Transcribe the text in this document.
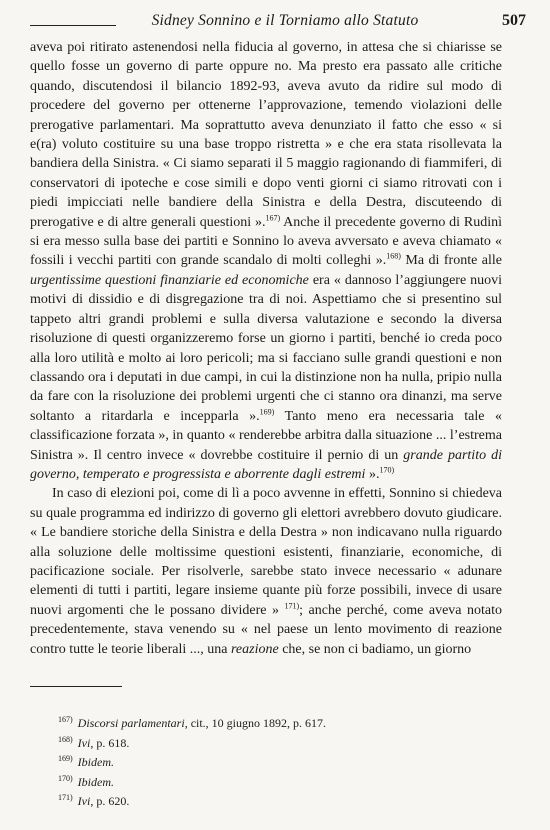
Sidney Sonnino e il Torniamo allo Statuto	507

aveva poi ritirato astenendosi nella fiducia al governo, in attesa che si chiarisse se quello fosse un governo di parte oppure no. Ma presto era passato alle critiche quando, discutendosi il bilancio 1892-93, aveva avuto da ridire sul modo di procedere del governo per ottenerne l’approvazione, temendo violazioni delle prerogative parlamentari. Ma soprattutto aveva denunziato il fatto che esso « si e(ra) voluto costituire su una base troppo ristretta » e che era stata risollevata la bandiera della Sinistra. « Ci siamo separati il 5 maggio ragionando di fiammiferi, di conservatori di ipoteche e cose simili e dopo venti giorni ci siamo ritrovati con i piedi impicciati nelle bandiere della Sinistra e della Destra, discuteendo di prerogative e di altre generali questioni ».$^{167)}$ Anche il precedente governo di Rudinì si era messo sulla base dei partiti e Sonnino lo aveva avversato e aveva chiamato « fossili i vecchi partiti con grande scandalo di molti colleghi ».$^{168)}$ Ma di fronte alle urgentissime questioni finanziarie ed economiche era « dannoso l’aggiungere nuovi motivi di dissidio e di disgregazione tra di noi. Aspettiamo che si presentino sul tappeto altri grandi problemi e sulla diversa valutazione e secondo la diversa risoluzione di questi organizzeremo forse un giorno i partiti, benché io creda poco alla loro utilità e molto ai loro pericoli; ma si facciano sulle grandi questioni e non classando ora i deputati in due campi, in cui la distinzione non ha nulla, pripio nulla da fare con la risoluzione dei problemi urgenti che ci stanno ora dinanzi, ma serve soltanto a ritardarla e incepparla ».$^{169)}$ Tanto meno era necessaria tale « classificazione forzata », in quanto « renderebbe arbitra dalla situazione ... l’estrema Sinistra ». Il centro invece « dovrebbe costituire il pernio di un grande partito di governo, temperato e progressista e aborrente dagli estremi ».$^{170)}$

In caso di elezioni poi, come di lì a poco avvenne in effetti, Sonnino si chiedeva su quale programma ed indirizzo di governo gli elettori avrebbero dovuto giudicare. « Le bandiere storiche della Sinistra e della Destra » non indicavano nulla riguardo alla soluzione delle moltissime questioni esistenti, finanziarie, economiche, di pacificazione sociale. Per risolverle, sarebbe stato invece necessario « adunare elementi di tutti i partiti, legare insieme quante più forze possibili, invece di usare nuovi argomenti che le possano dividere » $^{171)}$; anche perché, come aveva notato precedentemente, stava venendo su « nel paese un lento movimento di reazione contro tutte le teorie liberali ..., una reazione che, se non ci badiamo, un giorno

$^{167)}$ Discorsi parlamentari, cit., 10 giugno 1892, p. 617.
$^{168)}$ Ivi, p. 618.
$^{169)}$ Ibidem.
$^{170)}$ Ibidem.
$^{171)}$ Ivi, p. 620.
